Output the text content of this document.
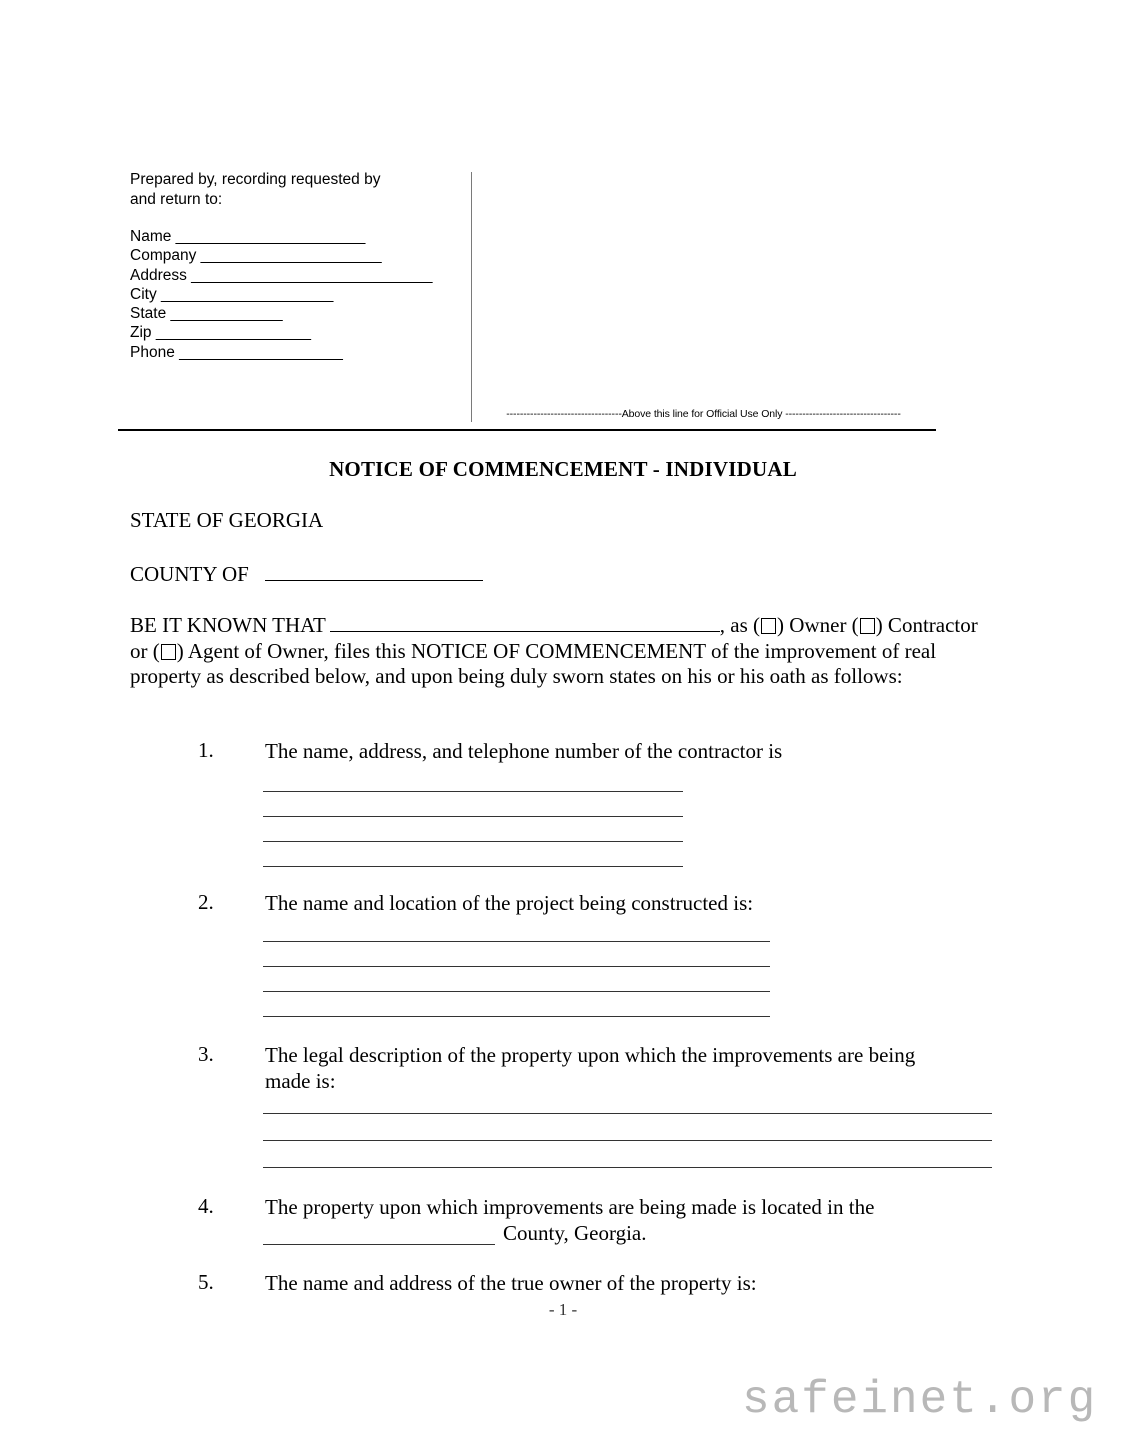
Prepared by, recording requested by
and return to:
Name ______________________
Company _____________________
Address ____________________________
City ____________________
State _____________
Zip __________________
Phone ___________________
----------------------------------Above this line for Official Use Only ----------------------------------
NOTICE OF COMMENCEMENT - INDIVIDUAL
STATE OF GEORGIA
COUNTY OF
BE IT KNOWN THAT	, as ( ) Owner ( ) Contractor or ( ) Agent of Owner, files this NOTICE OF COMMENCEMENT of the improvement of real property as described below, and upon being duly sworn states on his or his oath as follows:
1.	The name, address, and telephone number of the contractor is
2.	The name and location of the project being constructed is:
3.	The legal description of the property upon which the improvements are being made is:
4.	The property upon which improvements are being made is located in the
County, Georgia.
5.	The name and address of the true owner of the property is:
- 1 -
safeinet.org
